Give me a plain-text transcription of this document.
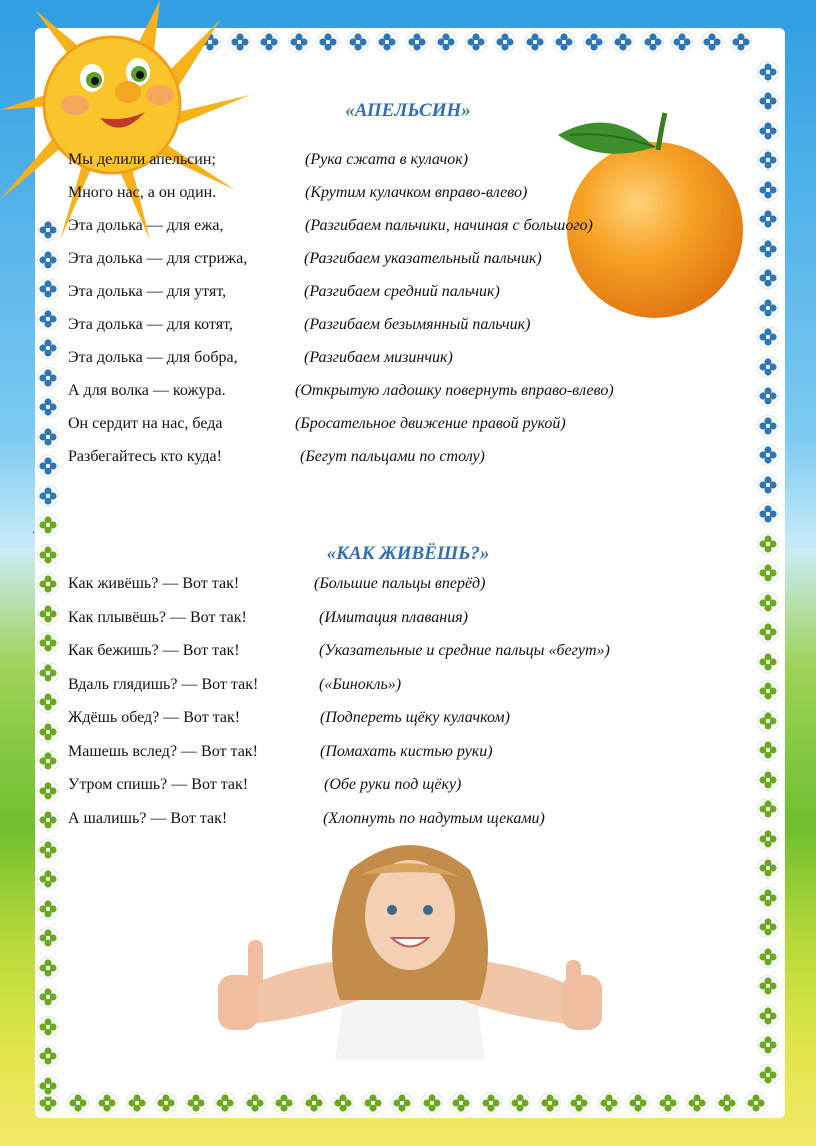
«АПЕЛЬСИН»
Мы делили апельсин;	(Рука сжата в кулачок)
Много нас, а он один.	(Крутим кулачком вправо-влево)
Эта долька — для ежа,	(Разгибаем пальчики, начиная с большого)
Эта долька — для стрижа,	(Разгибаем указательный пальчик)
Эта долька — для утят,	(Разгибаем средний пальчик)
Эта долька — для котят,	(Разгибаем безымянный пальчик)
Эта долька — для бобра,	(Разгибаем мизинчик)
А для волка — кожура.	(Открытую ладошку повернуть вправо-влево)
Он сердит на нас, беда	(Бросательное движение правой рукой)
Разбегайтесь кто куда!	(Бегут пальцами по столу)
.
«КАК ЖИВЁШЬ?»
Как живёшь? — Вот так!	(Большие пальцы вперёд)
Как плывёшь? — Вот так!	(Имитация плавания)
Как бежишь? — Вот так!	(Указательные и средние пальцы «бегут»)
Вдаль глядишь? — Вот так!	(«Бинокль»)
Ждёшь обед? — Вот так!	(Подпереть щёку кулачком)
Машешь вслед? — Вот так!	(Помахать кистью руки)
Утром спишь? — Вот так!	(Обе руки под щёку)
А шалишь? — Вот так!	(Хлопнуть по надутым щеками)
